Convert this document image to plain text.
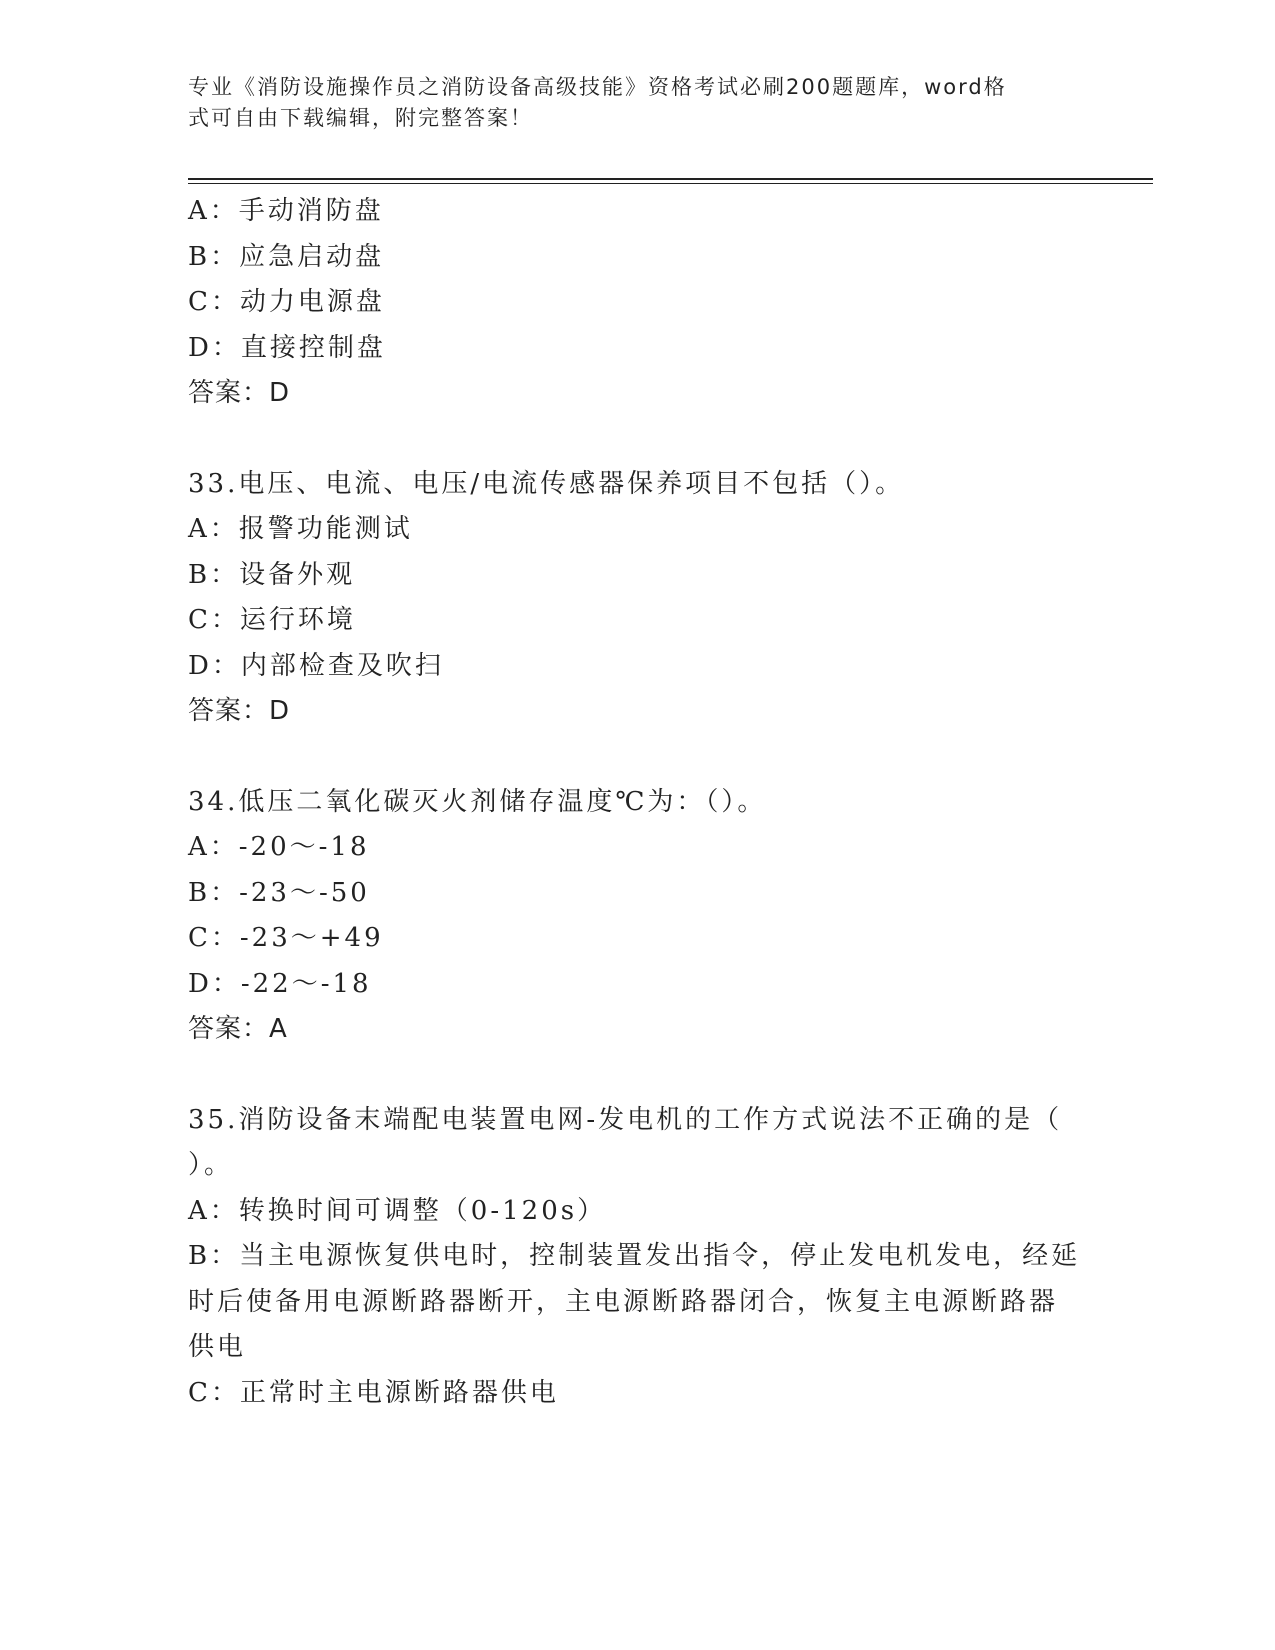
专业《消防设施操作员之消防设备高级技能》资格考试必刷200题题库，word格
式可自由下载编辑，附完整答案！
A：手动消防盘
B：应急启动盘
C：动力电源盘
D：直接控制盘
答案：D
33.电压、电流、电压/电流传感器保养项目不包括（）。
A：报警功能测试
B：设备外观
C：运行环境
D：内部检查及吹扫
答案：D
34.低压二氧化碳灭火剂储存温度℃为：（）。
A：-20～-18
B：-23～-50
C：-23～+49
D：-22～-18
答案：A
35.消防设备末端配电装置电网-发电机的工作方式说法不正确的是（
）。
A：转换时间可调整（0-120s）
B：当主电源恢复供电时，控制装置发出指令，停止发电机发电，经延
时后使备用电源断路器断开，主电源断路器闭合，恢复主电源断路器
供电
C：正常时主电源断路器供电
